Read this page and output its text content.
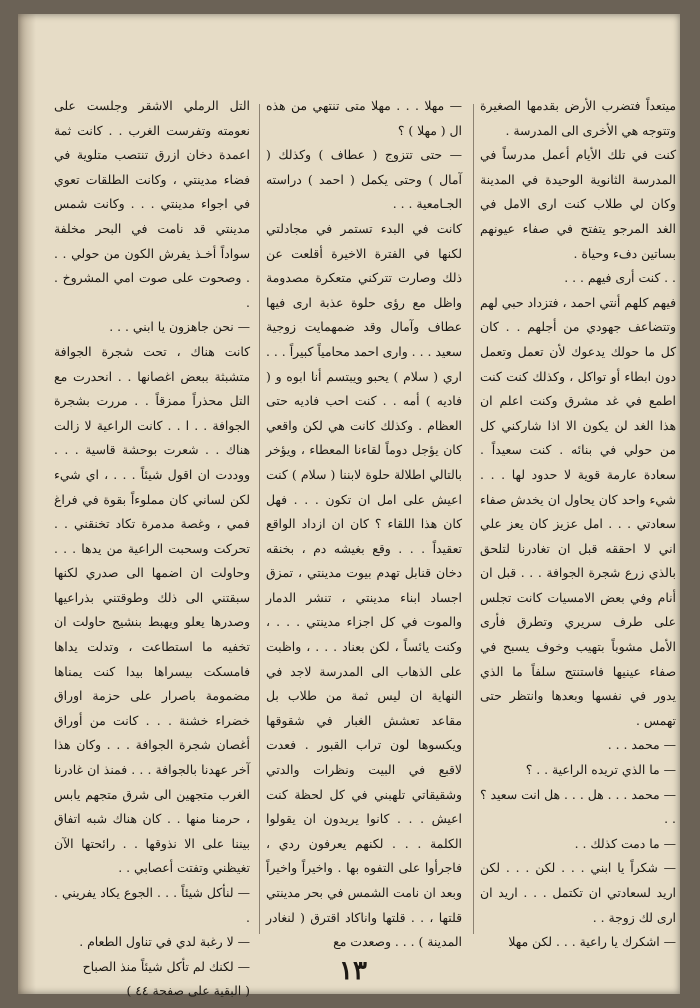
ميتعداً فتضرب الأرض بقدمها الصغيرة وتتوجه هي الأخرى الى المدرسة .

كنت في تلك الأيام أعمل مدرساً في المدرسة الثانوية الوحيدة في المدينة وكان لي طلاب كنت ارى الامل في الغد المرجو يتفتح في صفاء عيونهم بساتين دفء وحياة .

. . كنت أرى فيهم . . .

فيهم كلهم أنتي احمد ، فتزداد حبي لهم وتتضاعف جهودي من أجلهم . . كان كل ما حولك يدعوك لأن تعمل وتعمل دون ابطاء أو تواكل ، وكذلك كنت كنت اطمع في غد مشرق وكنت اعلم ان هذا الغد لن يكون الا اذا شاركني كل من حولي في بنائه . كنت سعيداً . سعادة عارمة قوية لا حدود لها . . . شيء واحد كان يحاول ان يخدش صفاء سعادتي . . . امل عزيز كان يعز علي اني لا احققه قبل ان تغادرنا لتلحق بالذي زرع شجرة الجوافة . . . قبل ان أنام وفي بعض الامسيات كانت تجلس على طرف سريري وتطرق فأرى الأمل مشوباً بتهيب وخوف يسبح في صفاء عينيها فاستنتج سلفاً ما الذي يدور في نفسها وبعدها وانتظر حتى تهمس .

— محمد . . .

— ما الذي تريده الراعية . . ؟

— محمد . . . هل . . . هل انت سعيد ؟ . .

— ما دمت كذلك . .

— شكراً يا ابني . . . لكن . . . لكن اريد لسعادتي ان تكتمل . . . اريد ان ارى لك زوجة . .

— اشكرك يا راعية . . . لكن مهلا

— مهلا . . . مهلا متى تنتهي من هذه ال ( مهلا ) ؟

— حتى تتزوج ( عطاف ) وكذلك ( آمال ) وحتى يكمل ( احمد ) دراسته الجـامعية . . .

كانت في البدء تستمر في مجادلتي لكنها في الفترة الاخيرة أقلعت عن ذلك وصارت تتركني متعكرة مصدومة واظل مع رؤى حلوة عذبة ارى فيها عطاف وآمال وقد ضمهمايت زوجية سعيد . . . وارى احمد محامياً كبيراً . . . اري ( سلام ) يحبو ويبتسم أنا ابوه و ( فاديه ) أمه . . كنت احب فاديه حتى العظام . وكذلك كانت هي لكن واقعي كان يؤجل دوماً لقاءنا المعطاء ، ويؤخر بالتالي اطلالة حلوة لابننا ( سلام ) كنت اعيش على امل ان تكون . . . فهل كان هذا اللقاء ؟ كان ان ازداد الواقع تعقيداً . . . وقع بغيشه دم ، بخنقه دخان قنابل تهدم بيوت مدينتي ، تمزق اجساد ابناء مدينتي ، تنشر الدمار والموت في كل اجزاء مدينتي . . . ، وكنت يائساً ، لكن بعناد . . . ، واظبت على الذهاب الى المدرسة لاجد في النهاية ان ليس ثمة من طلاب بل مقاعد تعشش الغبار في شقوقها ويكسوها لون تراب القبور . فعدت لاقبع في البيت ونظرات والدتي وشقيقاتي تلهبني في كل لحظة كنت اعيش . . . كانوا يريدون ان يقولوا الكلمة . . . لكنهم يعرفون ردي ، فاجرأوا على التفوه بها . واخيراً واخيراً وبعد ان نامت الشمس في بحر مدينتي قلتها ، . . قلتها واناكاد اقترق ( لنغادر المدينة ) . . . وصعدت مع

التل الرملي الاشقر وجلست على نعومته وتفرست الغرب . . كانت ثمة اعمدة دخان ازرق تنتصب متلوية في فضاء مدينتي ، وكانت الطلقات تعوي في اجواء مدينتي . . . وكانت شمس مدينتي قد نامت في البحر مخلفة سواداً أخـذ يفرش الكون من حولي . . . وصحوت على صوت امي المشروخ . .

— نحن جاهزون يا ابني . . .

كانت هناك ، تحت شجرة الجوافة متشبثة ببعض اغصانها . . انحدرت مع التل محذراً ممزقاً . . مررت بشجرة الجوافة . . ا . . كانت الراعية لا زالت هناك . . شعرت بوحشة قاسية . . . ووددت ان اقول شيئاً . . . ، اي شيء لكن لساني كان مملوءاً بقوة في فراغ فمي ، وغصة مدمرة تكاد تخنقني . . تحركت وسحبت الراعية من يدها . . . وحاولت ان اضمها الى صدري لكنها سبقتني الى ذلك وطوقتني بذراعيها وصدرها يعلو ويهبط بنشيج حاولت ان تخفيه ما استطاعت ، وتدلت يداها فامسكت بيسراها بيدا كنت يمناها مضمومة باصرار على حزمة اوراق خضراء خشنة . . . كانت من أوراق أغصان شجرة الجوافة . . . وكان هذا آخر عهدنا بالجوافة . . . فمنذ ان غادرنا الغرب متجهين الى شرق متجهم يابس ، حرمنا منها . . كان هناك شبه اتفاق بيننا على الا نذوقها . . رائحتها الآن تغيظني وتفتت أعصابي . .

— لنأكل شيئاً . . . الجوع يكاد يفريني . .

— لا رغبة لدي في تناول الطعام .

— لكنك لم تأكل شيئاً منذ الصباح

( البقية على صفحة ٤٤ )

١٣
